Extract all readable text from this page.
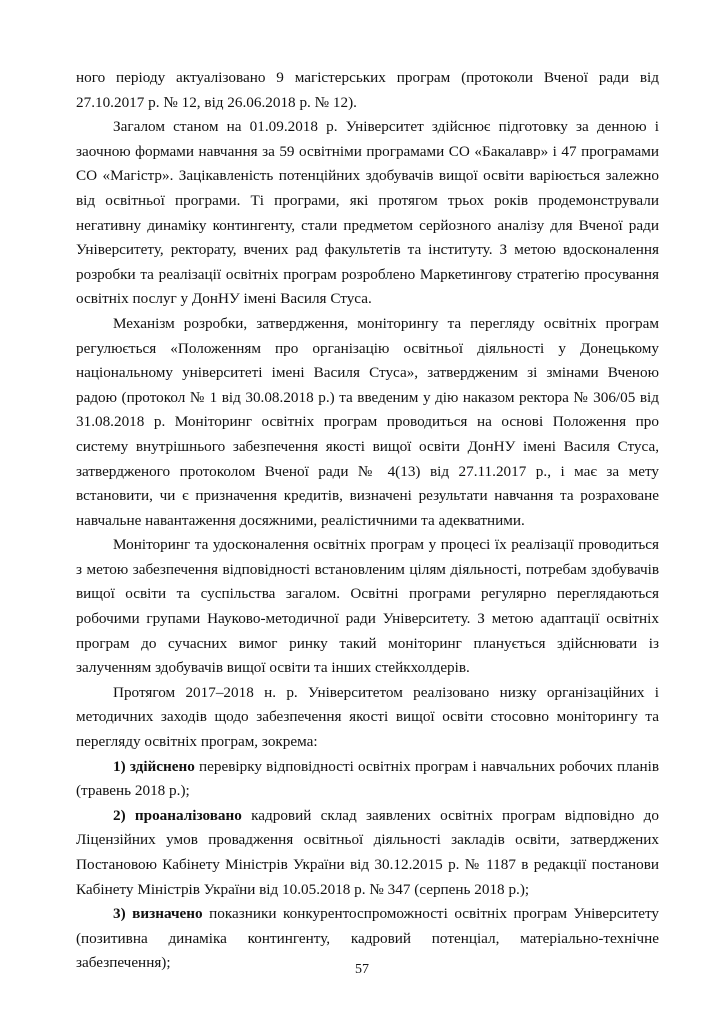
ного періоду актуалізовано 9 магістерських програм (протоколи Вченої ради від 27.10.2017 р. № 12, від 26.06.2018 р. № 12).

Загалом станом на 01.09.2018 р. Університет здійснює підготовку за денною і заочною формами навчання за 59 освітніми програмами СО «Бакалавр» і 47 програмами СО «Магістр». Зацікавленість потенційних здобувачів вищої освіти варіюється залежно від освітньої програми. Ті програми, які протягом трьох років продемонстрували негативну динаміку контингенту, стали предметом серйозного аналізу для Вченої ради Університету, ректорату, вчених рад факультетів та інституту. З метою вдосконалення розробки та реалізації освітніх програм розроблено Маркетингову стратегію просування освітніх послуг у ДонНУ імені Василя Стуса.

Механізм розробки, затвердження, моніторингу та перегляду освітніх програм регулюється «Положенням про організацію освітньої діяльності у Донецькому національному університеті імені Василя Стуса», затвердженим зі змінами Вченою радою (протокол № 1 від 30.08.2018 р.) та введеним у дію наказом ректора № 306/05 від 31.08.2018 р. Моніторинг освітніх програм проводиться на основі Положення про систему внутрішнього забезпечення якості вищої освіти ДонНУ імені Василя Стуса, затвердженого протоколом Вченої ради № 4(13) від 27.11.2017 р., і має за мету встановити, чи є призначення кредитів, визначені результати навчання та розраховане навчальне навантаження досяжними, реалістичними та адекватними.

Моніторинг та удосконалення освітніх програм у процесі їх реалізації проводиться з метою забезпечення відповідності встановленим цілям діяльності, потребам здобувачів вищої освіти та суспільства загалом. Освітні програми регулярно переглядаються робочими групами Науково-методичної ради Університету. З метою адаптації освітніх програм до сучасних вимог ринку такий моніторинг планується здійснювати із залученням здобувачів вищої освіти та інших стейкхолдерів.

Протягом 2017–2018 н. р. Університетом реалізовано низку організаційних і методичних заходів щодо забезпечення якості вищої освіти стосовно моніторингу та перегляду освітніх програм, зокрема:

1) здійснено перевірку відповідності освітніх програм і навчальних робочих планів (травень 2018 р.);

2) проаналізовано кадровий склад заявлених освітніх програм відповідно до Ліцензійних умов провадження освітньої діяльності закладів освіти, затверджених Постановою Кабінету Міністрів України від 30.12.2015 р. № 1187 в редакції постанови Кабінету Міністрів України від 10.05.2018 р. № 347 (серпень 2018 р.);

3) визначено показники конкурентоспроможності освітніх програм Університету (позитивна динаміка контингенту, кадровий потенціал, матеріально-технічне забезпечення);	57
